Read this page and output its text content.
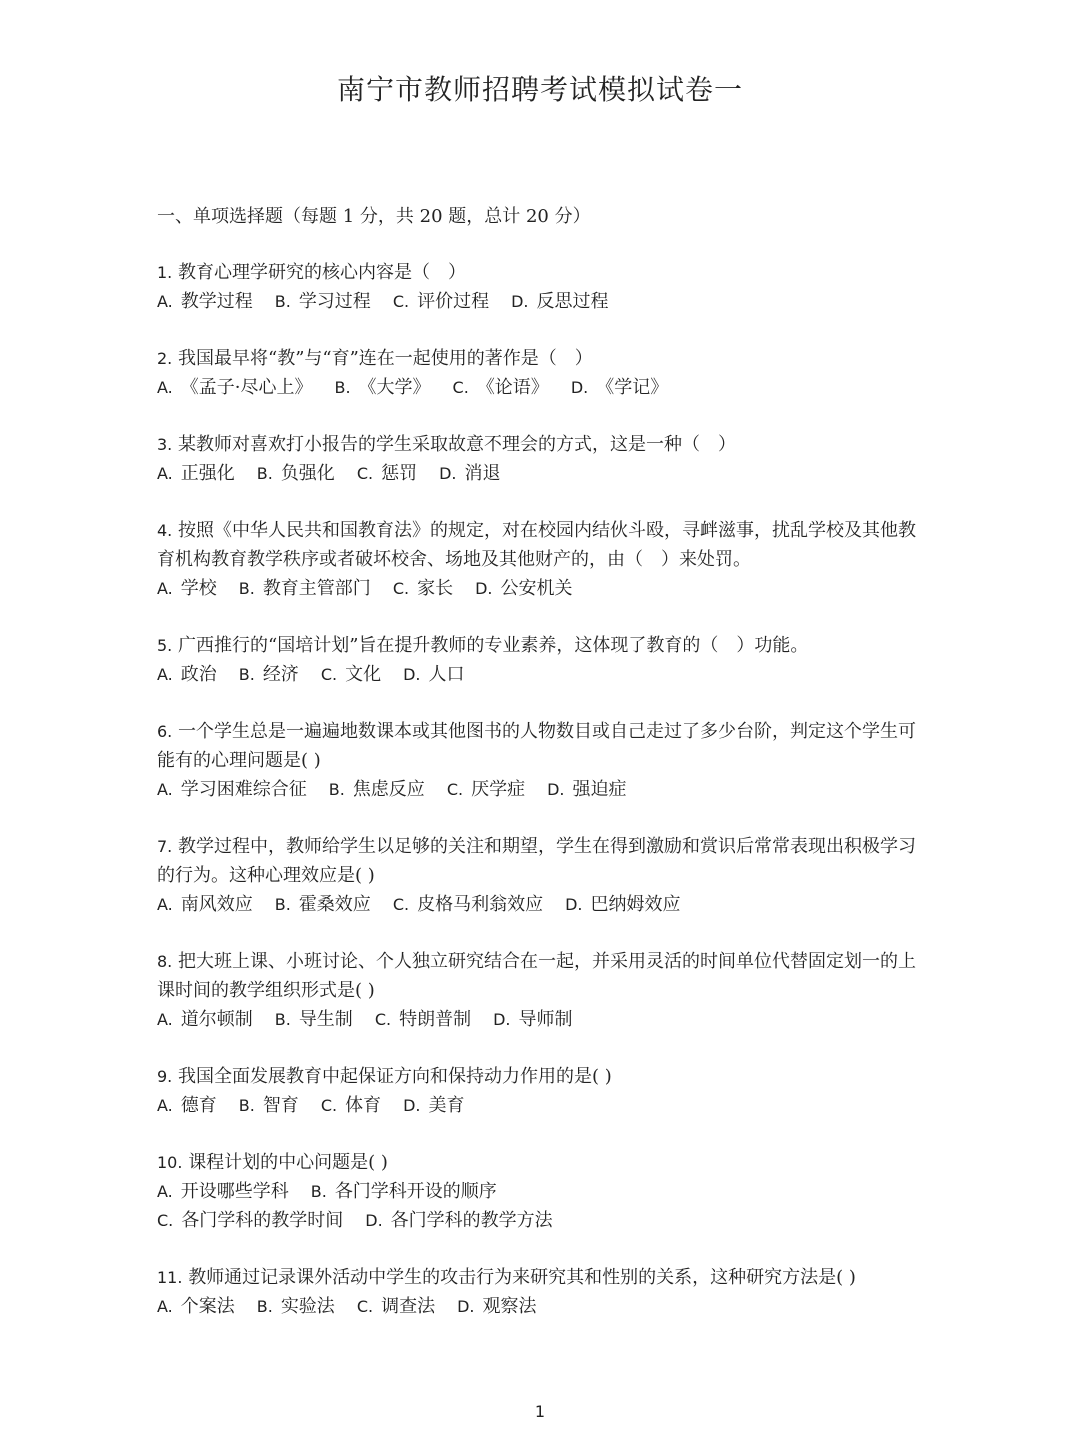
南宁市教师招聘考试模拟试卷一
一、单项选择题（每题 1 分，共 20 题，总计 20 分）

1. 教育心理学研究的核心内容是（　）

A. 教学过程 B. 学习过程 C. 评价过程 D. 反思过程

2. 我国最早将“教”与“育”连在一起使用的著作是（　）

A. 《孟子·尽心上》 B. 《大学》 C. 《论语》 D. 《学记》

3. 某教师对喜欢打小报告的学生采取故意不理会的方式，这是一种（　）

A. 正强化 B. 负强化 C. 惩罚 D. 消退

4. 按照《中华人民共和国教育法》的规定，对在校园内结伙斗殴，寻衅滋事，扰乱学校及其他教育机构教育教学秩序或者破坏校舍、场地及其他财产的，由（　）来处罚。

A. 学校 B. 教育主管部门 C. 家长 D. 公安机关

5. 广西推行的“国培计划”旨在提升教师的专业素养，这体现了教育的（　）功能。

A. 政治 B. 经济 C. 文化 D. 人口

6. 一个学生总是一遍遍地数课本或其他图书的人物数目或自己走过了多少台阶，判定这个学生可能有的心理问题是( )

A. 学习困难综合征 B. 焦虑反应 C. 厌学症 D. 强迫症

7. 教学过程中，教师给学生以足够的关注和期望，学生在得到激励和赏识后常常表现出积极学习的行为。这种心理效应是( )

A. 南风效应 B. 霍桑效应 C. 皮格马利翁效应 D. 巴纳姆效应

8. 把大班上课、小班讨论、个人独立研究结合在一起，并采用灵活的时间单位代替固定划一的上课时间的教学组织形式是( )

A. 道尔顿制 B. 导生制 C. 特朗普制 D. 导师制

9. 我国全面发展教育中起保证方向和保持动力作用的是( )

A. 德育 B. 智育 C. 体育 D. 美育

10. 课程计划的中心问题是( )

A. 开设哪些学科 B. 各门学科开设的顺序

C. 各门学科的教学时间 D. 各门学科的教学方法

11. 教师通过记录课外活动中学生的攻击行为来研究其和性别的关系，这种研究方法是( )

A. 个案法 B. 实验法 C. 调查法 D. 观察法

1
